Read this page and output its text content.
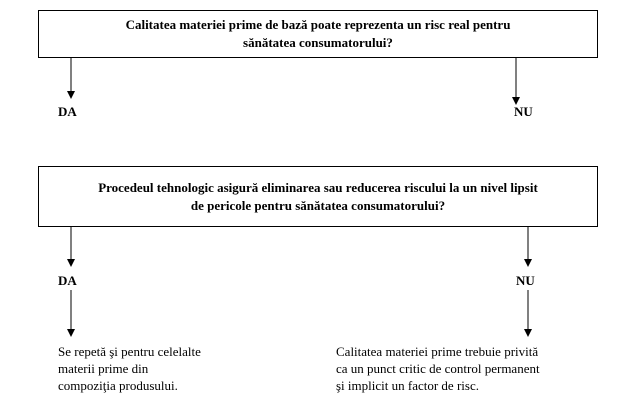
Calitatea materiei prime de bază poate reprezenta un risc real pentru
sănătatea consumatorului?
DA	NU
Procedeul tehnologic asigură eliminarea sau reducerea riscului la un nivel lipsit
de pericole pentru sănătatea consumatorului?
DA	NU
Se repetă şi pentru celelalte
materii prime din
compoziţia produsului.
Calitatea materiei prime trebuie privită
ca un punct critic de control permanent
şi implicit un factor de risc.
